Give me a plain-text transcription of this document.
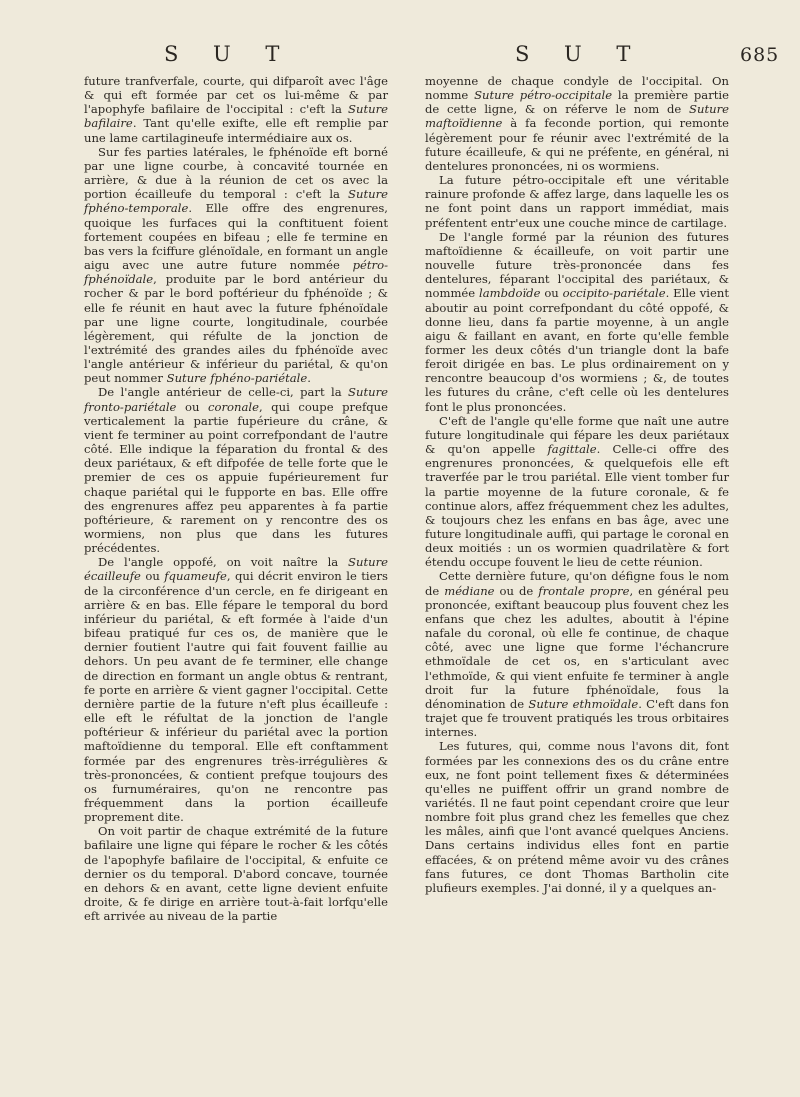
S U T	S U T	685

future tranfverfale, courte, qui difparoît avec l'âge & qui eft formée par cet os lui-même & par l'apophyfe bafilaire de l'occipital : c'eft la Suture bafilaire. Tant qu'elle exifte, elle eft remplie par une lame cartilagineufe intermédiaire aux os.

Sur fes parties latérales, le fphénoïde eft borné par une ligne courbe, à concavité tournée en arrière, & due à la réunion de cet os avec la portion écailleufe du temporal : c'eft la Suture fphéno-temporale. Elle offre des engrenures, quoique les furfaces qui la conftituent foient fortement coupées en bifeau ; elle fe termine en bas vers la fciffure glénoïdale, en formant un angle aigu avec une autre future nommée pétro-fphénoïdale, produite par le bord antérieur du rocher & par le bord poftérieur du fphénoïde ; & elle fe réunit en haut avec la future fphénoïdale par une ligne courte, longitudinale, courbée légèrement, qui réfulte de la jonction de l'extrémité des grandes ailes du fphénoïde avec l'angle antérieur & inférieur du pariétal, & qu'on peut nommer Suture fphéno-pariétale.

De l'angle antérieur de celle-ci, part la Suture fronto-pariétale ou coronale, qui coupe prefque verticalement la partie fupérieure du crâne, & vient fe terminer au point correfpondant de l'autre côté. Elle indique la féparation du frontal & des deux pariétaux, & eft difpofée de telle forte que le premier de ces os appuie fupérieurement fur chaque pariétal qui le fupporte en bas. Elle offre des engrenures affez peu apparentes à fa partie poftérieure, & rarement on y rencontre des os wormiens, non plus que dans les futures précédentes.

De l'angle oppofé, on voit naître la Suture écailleufe ou fquameufe, qui décrit environ le tiers de la circonférence d'un cercle, en fe dirigeant en arrière & en bas. Elle fépare le temporal du bord inférieur du pariétal, & eft formée à l'aide d'un bifeau pratiqué fur ces os, de manière que le dernier foutient l'autre qui fait fouvent faillie au dehors. Un peu avant de fe terminer, elle change de direction en formant un angle obtus & rentrant, fe porte en arrière & vient gagner l'occipital. Cette dernière partie de la future n'eft plus écailleufe : elle eft le réfultat de la jonction de l'angle poftérieur & inférieur du pariétal avec la portion maftoïdienne du temporal. Elle eft conftamment formée par des engrenures très-irrégulières & très-prononcées, & contient prefque toujours des os furnuméraires, qu'on ne rencontre pas fréquemment dans la portion écailleufe proprement dite.

On voit partir de chaque extrémité de la future bafilaire une ligne qui fépare le rocher & les côtés de l'apophyfe bafilaire de l'occipital, & enfuite ce dernier os du temporal. D'abord concave, tournée en dehors & en avant, cette ligne devient enfuite droite, & fe dirige en arrière tout-à-fait lorfqu'elle eft arrivée au niveau de la partie

moyenne de chaque condyle de l'occipital. On nomme Suture pétro-occipitale la première partie de cette ligne, & on réferve le nom de Suture maftoïdienne à fa feconde portion, qui remonte légèrement pour fe réunir avec l'extrémité de la future écailleufe, & qui ne préfente, en général, ni dentelures prononcées, ni os wormiens.

La future pétro-occipitale eft une véritable rainure profonde & affez large, dans laquelle les os ne font point dans un rapport immédiat, mais préfentent entr'eux une couche mince de cartilage.

De l'angle formé par la réunion des futures maftoïdienne & écailleufe, on voit partir une nouvelle future très-prononcée dans fes dentelures, féparant l'occipital des pariétaux, & nommée lambdoïde ou occipito-pariétale. Elle vient aboutir au point correfpondant du côté oppofé, & donne lieu, dans fa partie moyenne, à un angle aigu & faillant en avant, en forte qu'elle femble former les deux côtés d'un triangle dont la bafe feroit dirigée en bas. Le plus ordinairement on y rencontre beaucoup d'os wormiens ; &, de toutes les futures du crâne, c'eft celle où les dentelures font le plus prononcées.

C'eft de l'angle qu'elle forme que naît une autre future longitudinale qui fépare les deux pariétaux & qu'on appelle fagittale. Celle-ci offre des engrenures prononcées, & quelquefois elle eft traverfée par le trou pariétal. Elle vient tomber fur la partie moyenne de la future coronale, & fe continue alors, affez fréquemment chez les adultes, & toujours chez les enfans en bas âge, avec une future longitudinale auffi, qui partage le coronal en deux moitiés : un os wormien quadrilatère & fort étendu occupe fouvent le lieu de cette réunion.

Cette dernière future, qu'on défigne fous le nom de médiane ou de frontale propre, en général peu prononcée, exiftant beaucoup plus fouvent chez les enfans que chez les adultes, aboutit à l'épine nafale du coronal, où elle fe continue, de chaque côté, avec une ligne que forme l'échancrure ethmoïdale de cet os, en s'articulant avec l'ethmoïde, & qui vient enfuite fe terminer à angle droit fur la future fphénoïdale, fous la dénomination de Suture ethmoïdale. C'eft dans fon trajet que fe trouvent pratiqués les trous orbitaires internes.

Les futures, qui, comme nous l'avons dit, font formées par les connexions des os du crâne entre eux, ne font point tellement fixes & déterminées qu'elles ne puiffent offrir un grand nombre de variétés. Il ne faut point cependant croire que leur nombre foit plus grand chez les femelles que chez les mâles, ainfi que l'ont avancé quelques Anciens. Dans certains individus elles font en partie effacées, & on prétend même avoir vu des crânes fans futures, ce dont Thomas Bartholin cite plufieurs exemples. J'ai donné, il y a quelques an-
